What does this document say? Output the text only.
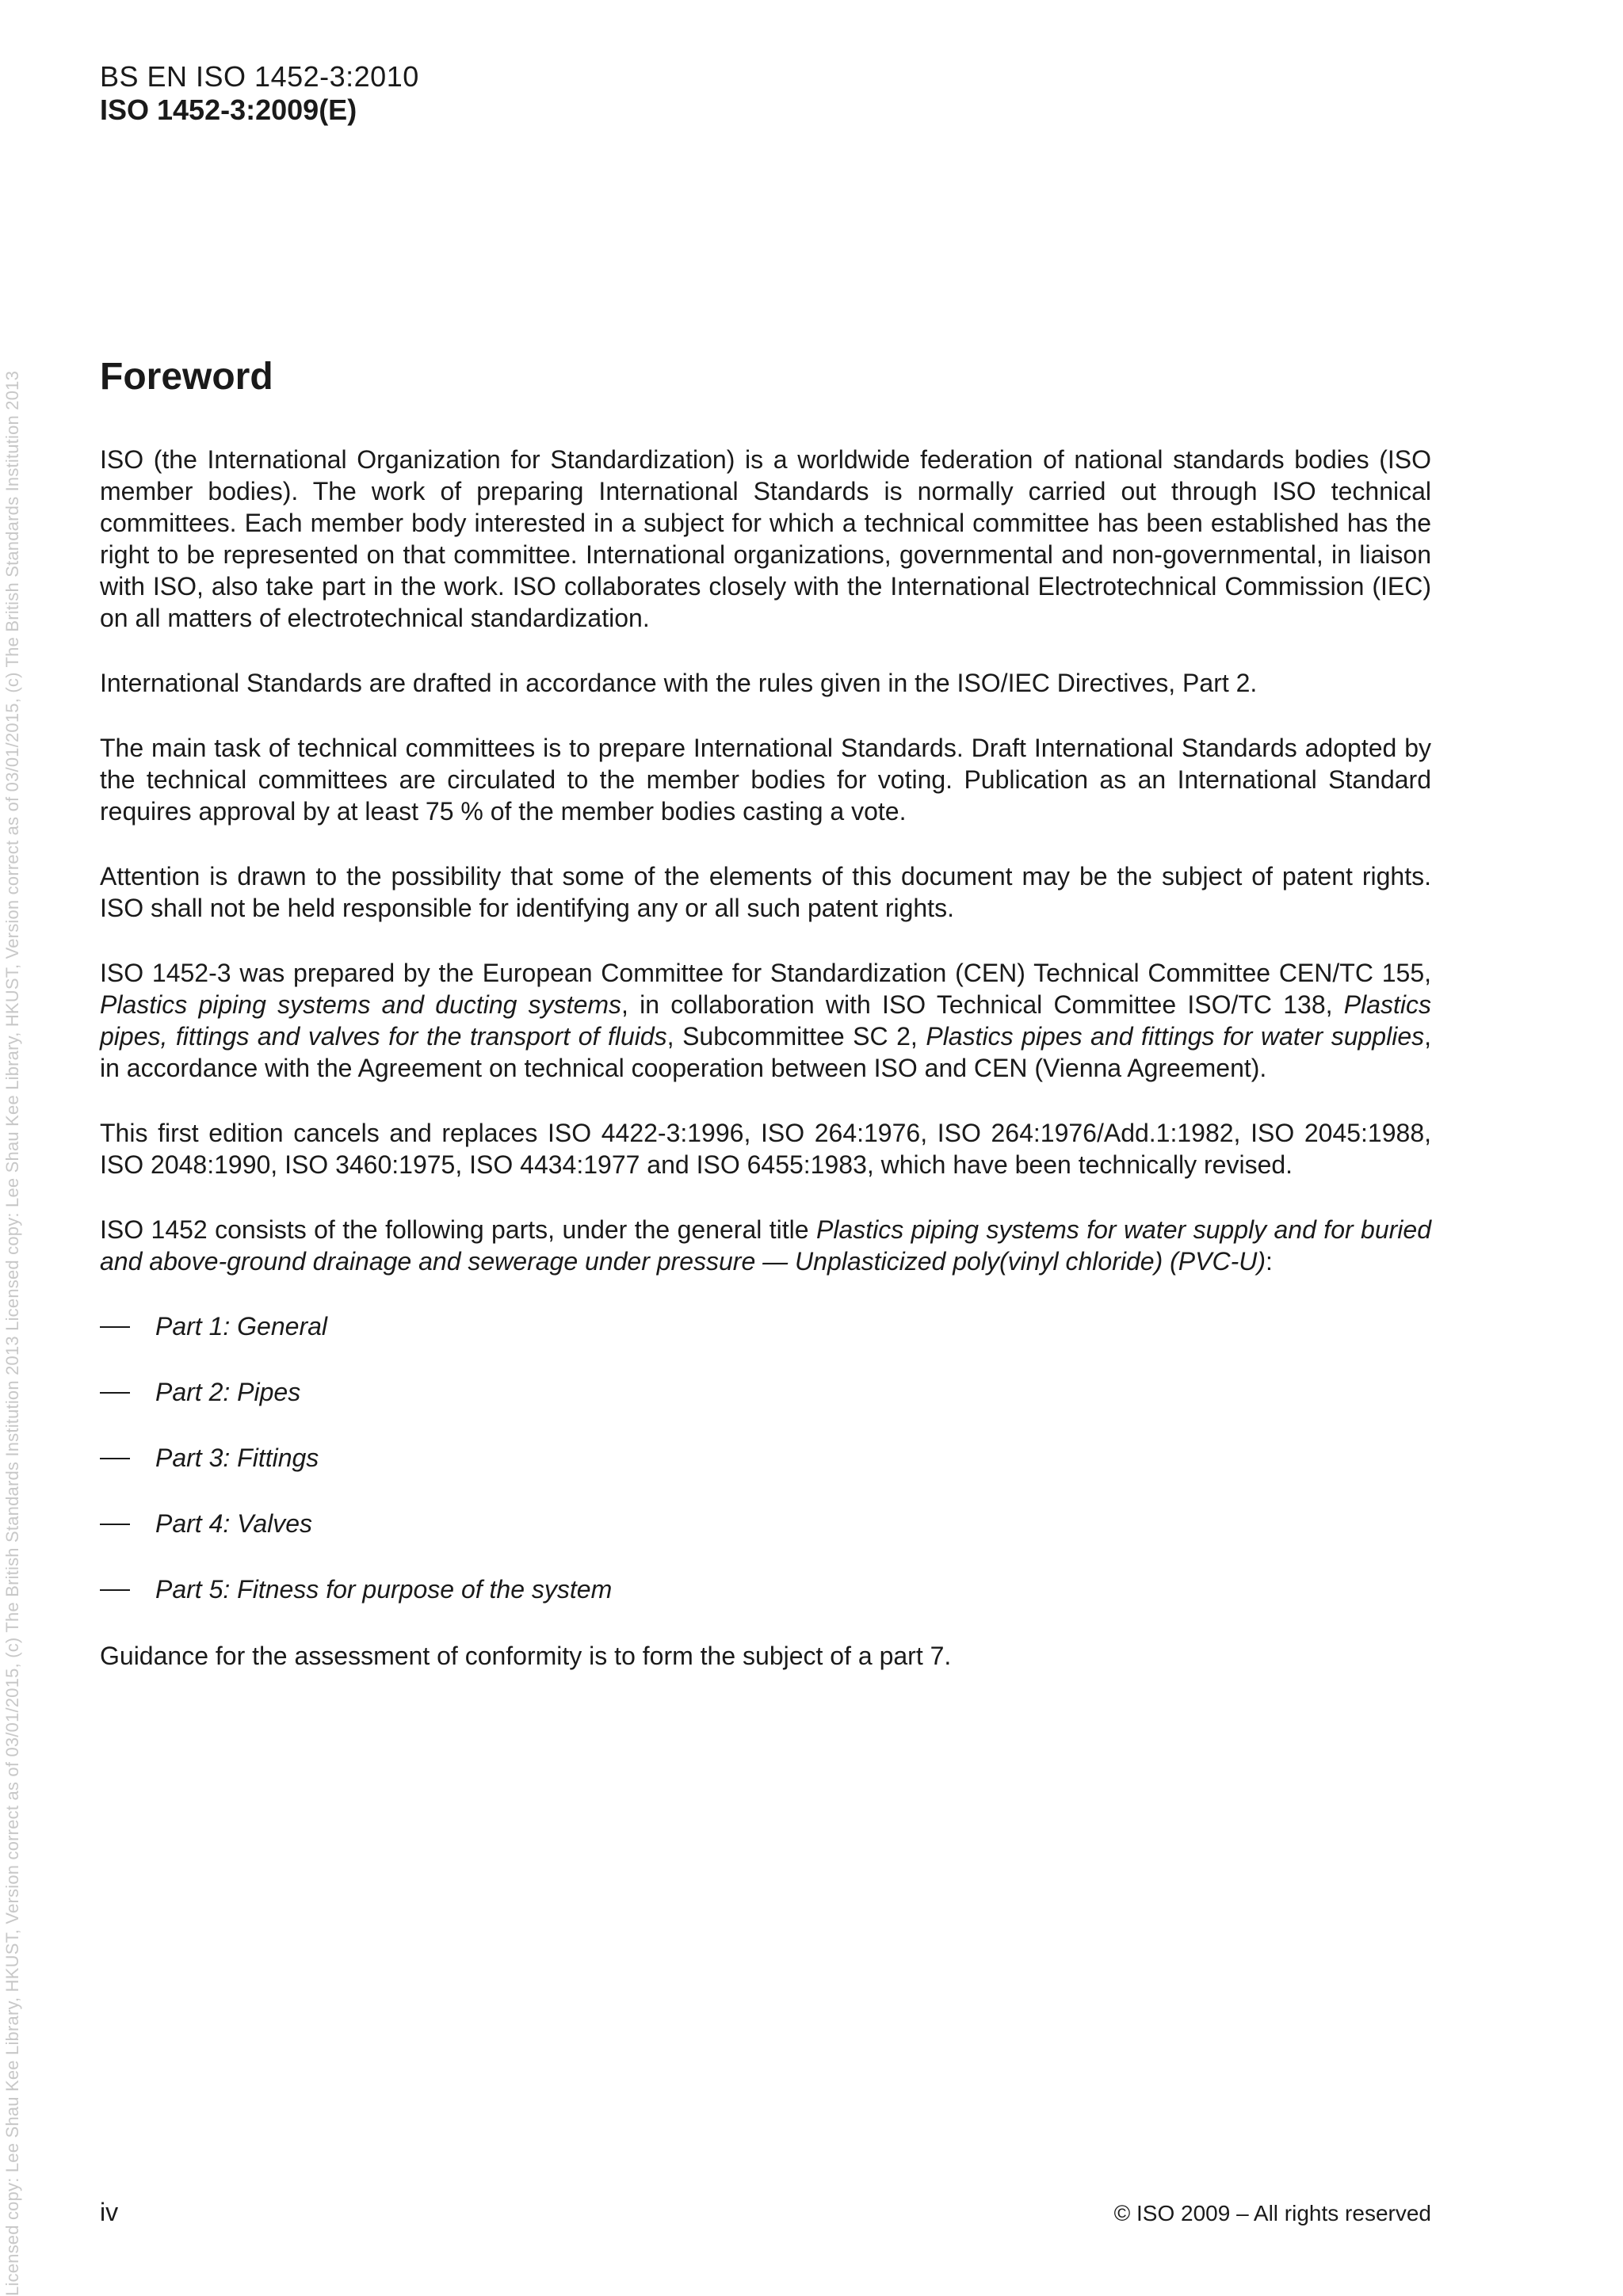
Licensed copy: Lee Shau Kee Library, HKUST, Version correct as of 03/01/2015, (c) The British Standards Institution 2013 Licensed copy: Lee Shau Kee Library, HKUST, Version correct as of 03/01/2015, (c) The British Standards Institution 2013
BS EN ISO 1452-3:2010
ISO 1452-3:2009(E)
Foreword

ISO (the International Organization for Standardization) is a worldwide federation of national standards bodies (ISO member bodies). The work of preparing International Standards is normally carried out through ISO technical committees. Each member body interested in a subject for which a technical committee has been established has the right to be represented on that committee. International organizations, governmental and non-governmental, in liaison with ISO, also take part in the work. ISO collaborates closely with the International Electrotechnical Commission (IEC) on all matters of electrotechnical standardization.

International Standards are drafted in accordance with the rules given in the ISO/IEC Directives, Part 2.

The main task of technical committees is to prepare International Standards. Draft International Standards adopted by the technical committees are circulated to the member bodies for voting. Publication as an International Standard requires approval by at least 75 % of the member bodies casting a vote.

Attention is drawn to the possibility that some of the elements of this document may be the subject of patent rights. ISO shall not be held responsible for identifying any or all such patent rights.

ISO 1452-3 was prepared by the European Committee for Standardization (CEN) Technical Committee CEN/TC 155, Plastics piping systems and ducting systems, in collaboration with ISO Technical Committee ISO/TC 138, Plastics pipes, fittings and valves for the transport of fluids, Subcommittee SC 2, Plastics pipes and fittings for water supplies, in accordance with the Agreement on technical cooperation between ISO and CEN (Vienna Agreement).

This first edition cancels and replaces ISO 4422-3:1996, ISO 264:1976, ISO 264:1976/Add.1:1982, ISO 2045:1988, ISO 2048:1990, ISO 3460:1975, ISO 4434:1977 and ISO 6455:1983, which have been technically revised.

ISO 1452 consists of the following parts, under the general title Plastics piping systems for water supply and for buried and above-ground drainage and sewerage under pressure — Unplasticized poly(vinyl chloride) (PVC-U):

Part 1: General
Part 2: Pipes
Part 3: Fittings
Part 4: Valves
Part 5: Fitness for purpose of the system

Guidance for the assessment of conformity is to form the subject of a part 7.

iv	© ISO 2009 – All rights reserved
